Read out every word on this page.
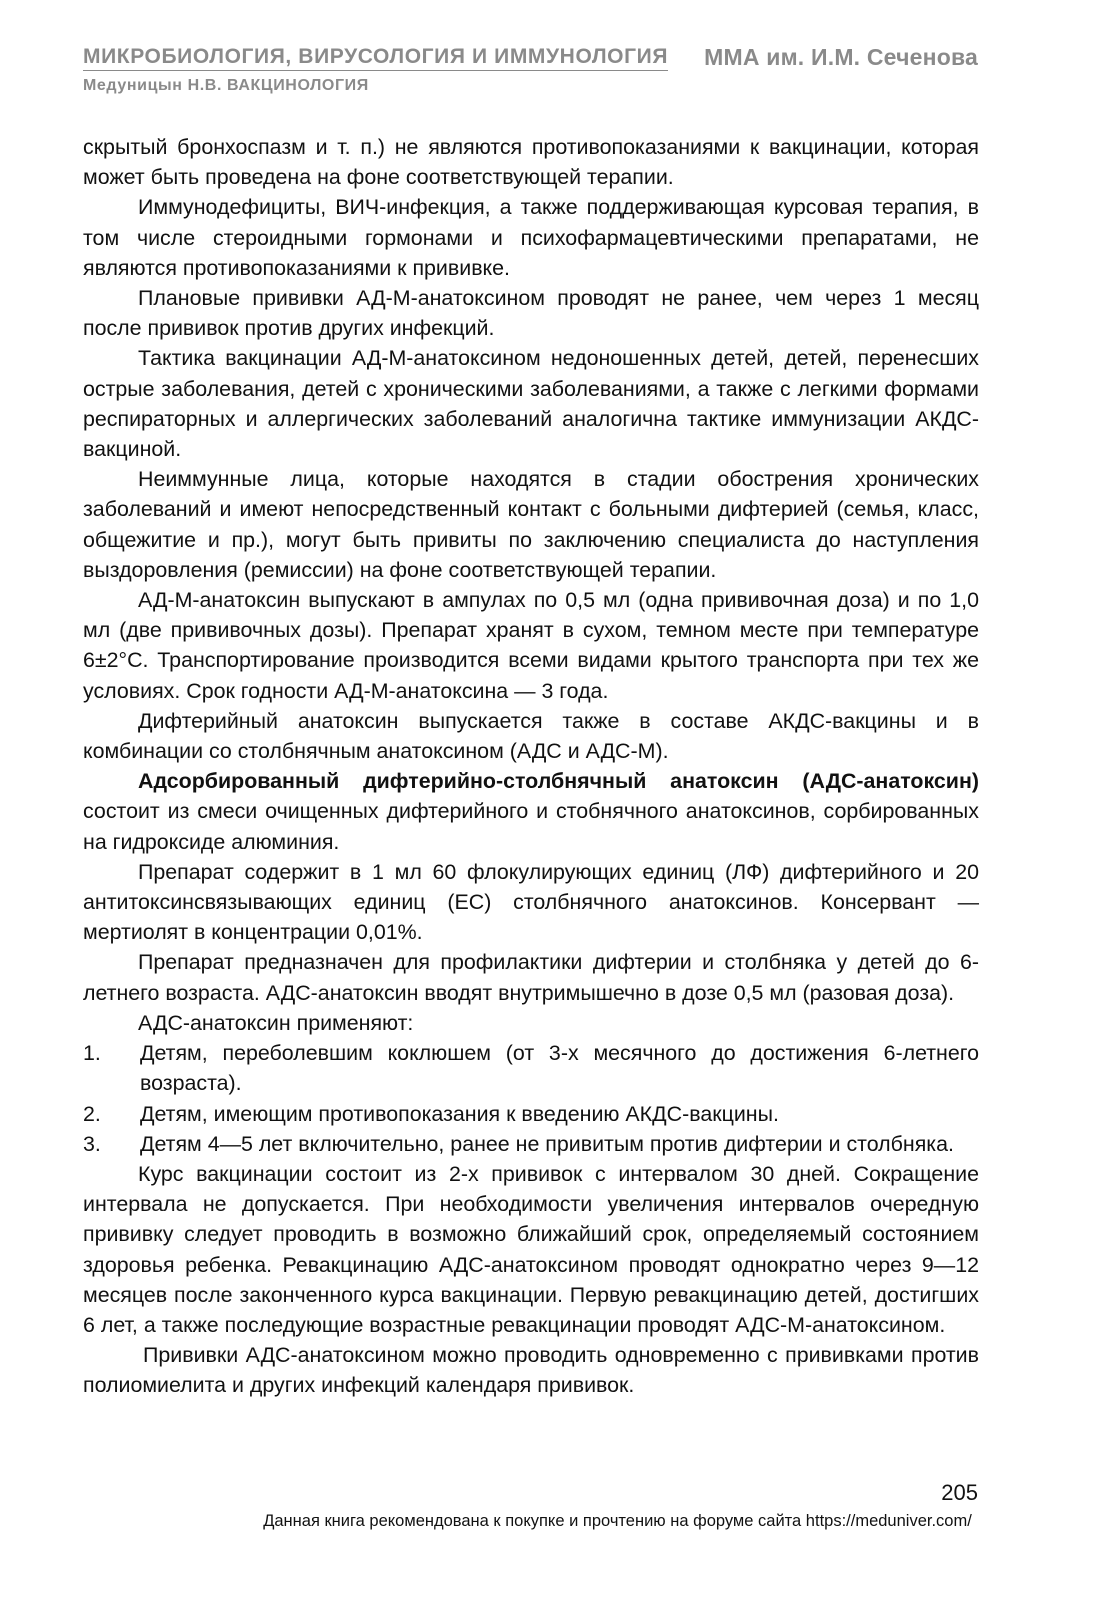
МИКРОБИОЛОГИЯ, ВИРУСОЛОГИЯ И ИММУНОЛОГИЯ ММА им. И.М. Сеченова
Медуницын Н.В. ВАКЦИНОЛОГИЯ

скрытый бронхоспазм и т. п.) не являются противопоказаниями к вакцинации, которая может быть проведена на фоне соответствующей терапии.

Иммунодефициты, ВИЧ-инфекция, а также поддерживающая курсовая терапия, в том числе стероидными гормонами и психофармацевтическими препаратами, не являются противопоказаниями к прививке.

Плановые прививки АД-М-анатоксином проводят не ранее, чем через 1 месяц после прививок против других инфекций.

Тактика вакцинации АД-М-анатоксином недоношенных детей, детей, перенесших острые заболевания, детей с хроническими заболеваниями, а также с легкими формами респираторных и аллергических заболеваний аналогична тактике иммунизации АКДС-вакциной.

Неиммунные лица, которые находятся в стадии обострения хронических заболеваний и имеют непосредственный контакт с больными дифтерией (семья, класс, общежитие и пр.), могут быть привиты по заключению специалиста до наступления выздоровления (ремиссии) на фоне соответствующей терапии.

АД-М-анатоксин выпускают в ампулах по 0,5 мл (одна прививочная доза) и по 1,0 мл (две прививочных дозы). Препарат хранят в сухом, темном месте при температуре 6±2°С. Транспортирование производится всеми видами крытого транспорта при тех же условиях. Срок годности АД-М-анатоксина — 3 года.

Дифтерийный анатоксин выпускается также в составе АКДС-вакцины и в комбинации со столбнячным анатоксином (АДС и АДС-М).

Адсорбированный дифтерийно-столбнячный анатоксин (АДС-анатоксин) состоит из смеси очищенных дифтерийного и стобнячного анатоксинов, сорбированных на гидроксиде алюминия.

Препарат содержит в 1 мл 60 флокулирующих единиц (ЛФ) дифтерийного и 20 антитоксинсвязывающих единиц (ЕС) столбнячного анатоксинов. Консервант — мертиолят в концентрации 0,01%.

Препарат предназначен для профилактики дифтерии и столбняка у детей до 6-летнего возраста. АДС-анатоксин вводят внутримышечно в дозе 0,5 мл (разовая доза).

АДС-анатоксин применяют:

1.	Детям, переболевшим коклюшем (от 3-х месячного до достижения 6-летнего возраста).
2.	Детям, имеющим противопоказания к введению АКДС-вакцины.
3.	Детям 4—5 лет включительно, ранее не привитым против дифтерии и столбняка.

Курс вакцинации состоит из 2-х прививок с интервалом 30 дней. Сокращение интервала не допускается. При необходимости увеличения интервалов очередную прививку следует проводить в возможно ближайший срок, определяемый состоянием здоровья ребенка. Ревакцинацию АДС-анатоксином проводят однократно через 9—12 месяцев после законченного курса вакцинации. Первую ревакцинацию детей, достигших 6 лет, а также последующие возрастные ревакцинации проводят АДС-М-анатоксином.

Прививки АДС-анатоксином можно проводить одновременно с прививками против полиомиелита и других инфекций календаря прививок.

205
Данная книга рекомендована к покупке и прочтению на форуме сайта https://meduniver.com/
